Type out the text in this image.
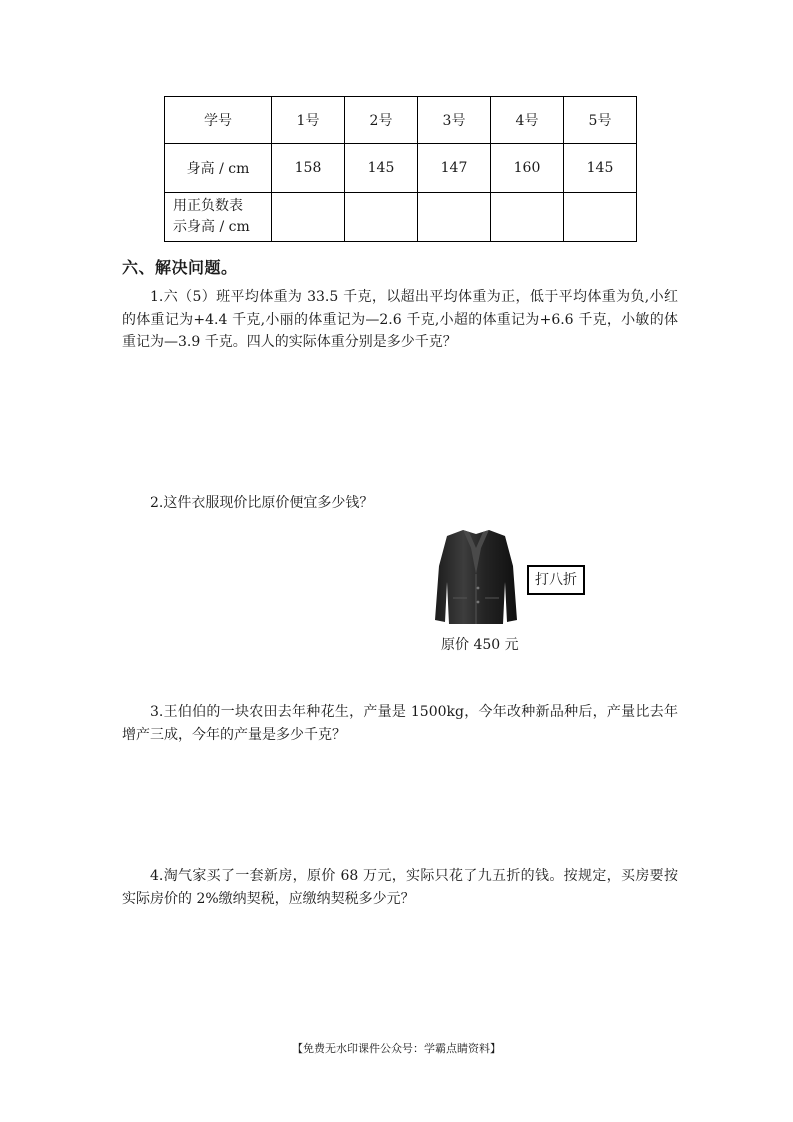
学号	1号	2号	3号	4号	5号
身高 / cm	158	145	147	160	145

用正负数表
示身高 / cm					

六、解决问题。
1.六（5）班平均体重为 33.5 千克，以超出平均体重为正，低于平均体重为负,小红的体重记为+4.4 千克,小丽的体重记为—2.6 千克,小超的体重记为+6.6 千克，小敏的体重记为—3.9 千克。四人的实际体重分别是多少千克？
2.这件衣服现价比原价便宜多少钱？
打八折
原价 450 元
3.王伯伯的一块农田去年种花生，产量是 1500kg，今年改种新品种后，产量比去年增产三成，今年的产量是多少千克？
4.淘气家买了一套新房，原价 68 万元，实际只花了九五折的钱。按规定，买房要按实际房价的 2%缴纳契税，应缴纳契税多少元？
【免费无水印课件公众号：学霸点睛资料】
